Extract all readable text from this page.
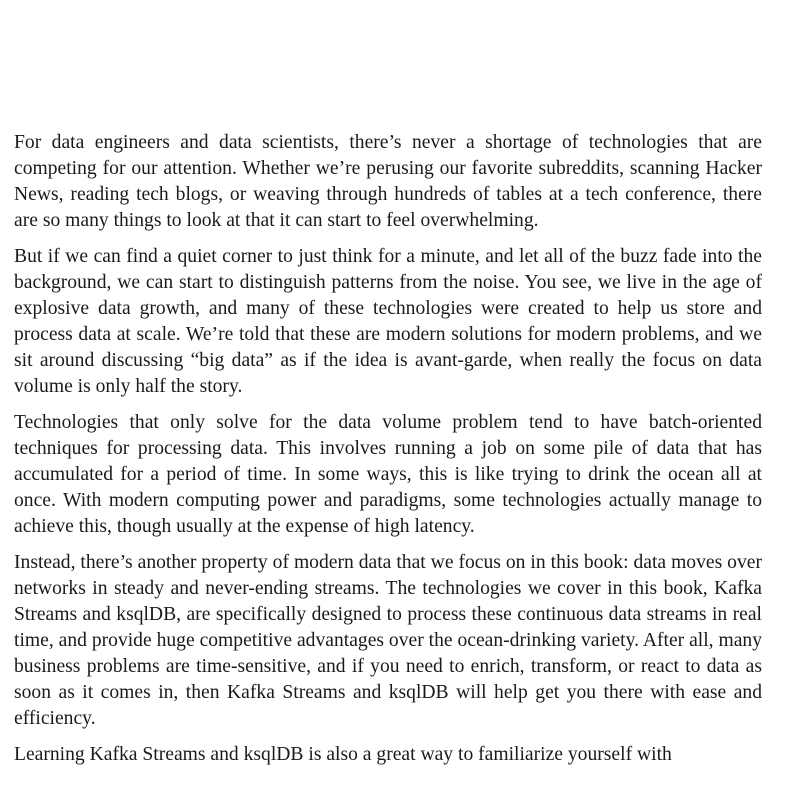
For data engineers and data scientists, there’s never a shortage of technologies that are competing for our attention. Whether we’re perusing our favorite subreddits, scanning Hacker News, reading tech blogs, or weaving through hundreds of tables at a tech conference, there are so many things to look at that it can start to feel overwhelming.

But if we can find a quiet corner to just think for a minute, and let all of the buzz fade into the background, we can start to distinguish patterns from the noise. You see, we live in the age of explosive data growth, and many of these technologies were created to help us store and process data at scale. We’re told that these are modern solutions for modern problems, and we sit around discussing “big data” as if the idea is avant-garde, when really the focus on data volume is only half the story.

Technologies that only solve for the data volume problem tend to have batch-oriented techniques for processing data. This involves running a job on some pile of data that has accumulated for a period of time. In some ways, this is like trying to drink the ocean all at once. With modern computing power and paradigms, some technologies actually manage to achieve this, though usually at the expense of high latency.

Instead, there’s another property of modern data that we focus on in this book: data moves over networks in steady and never-ending streams. The technologies we cover in this book, Kafka Streams and ksqlDB, are specifically designed to process these continuous data streams in real time, and provide huge competitive advantages over the ocean-drinking variety. After all, many business problems are time-sensitive, and if you need to enrich, transform, or react to data as soon as it comes in, then Kafka Streams and ksqlDB will help get you there with ease and efficiency.

Learning Kafka Streams and ksqlDB is also a great way to familiarize yourself with
